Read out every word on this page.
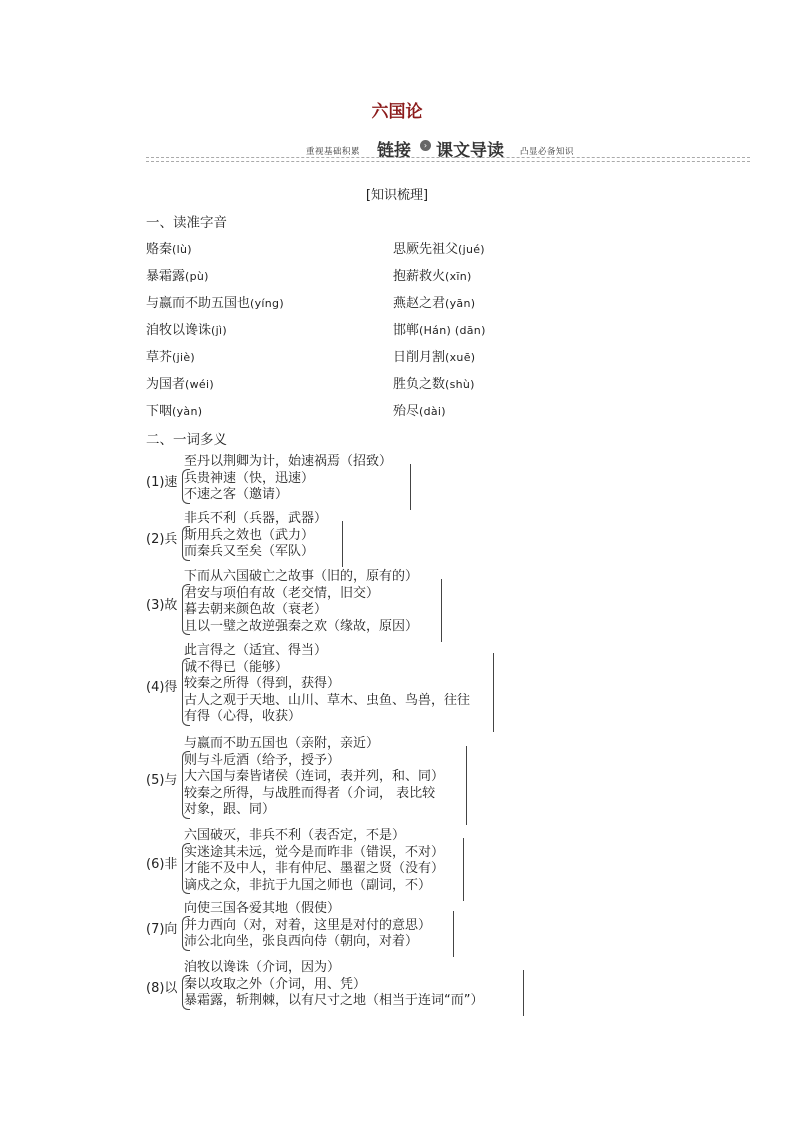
六国论
重视基础积累 链接	› 课文导读 凸显必备知识
[知识梳理]
一、读准字音
赂秦(lù)	思厥先祖父(jué)
暴霜露(pù)	抱薪救火(xīn)
与嬴而不助五国也(yíng)	燕赵之君(yān)
洎牧以谗诛(jì)	邯郸(Hán) (dān)
草芥(jiè)	日削月割(xuē)
为国者(wéi)	胜负之数(shù)
下咽(yàn)	殆尽(dài)
二、一词多义
(1)速
至丹以荆卿为计，始速祸焉（招致）
兵贵神速（快，迅速）
不速之客（邀请）
(2)兵
非兵不利（兵器，武器）
斯用兵之效也（武力）
而秦兵又至矣（军队）
(3)故
下而从六国破亡之故事（旧的，原有的）
君安与项伯有故（老交情，旧交）
暮去朝来颜色故（衰老）
且以一璧之故逆强秦之欢（缘故，原因）
(4)得
此言得之（适宜、得当）
诚不得已（能够）
较秦之所得（得到，获得）
古人之观于天地、山川、草木、虫鱼、鸟兽，往往
有得（心得，收获）
(5)与
与嬴而不助五国也（亲附，亲近）
则与斗卮酒（给予，授予）
大六国与秦皆诸侯（连词，表并列，和、同）
较秦之所得，与战胜而得者（介词， 表比较
对象，跟、同）
(6)非
六国破灭，非兵不利（表否定，不是）
实迷途其未远，觉今是而昨非（错误，不对）
才能不及中人，非有仲尼、墨翟之贤（没有）
谪戍之众，非抗于九国之师也（副词，不）
(7)向
向使三国各爱其地（假使）
并力西向（对，对着，这里是对付的意思）
沛公北向坐，张良西向侍（朝向，对着）
(8)以
洎牧以谗诛（介词，因为）
秦以攻取之外（介词，用、凭）
暴霜露，斩荆棘，以有尺寸之地（相当于连词“而”）
